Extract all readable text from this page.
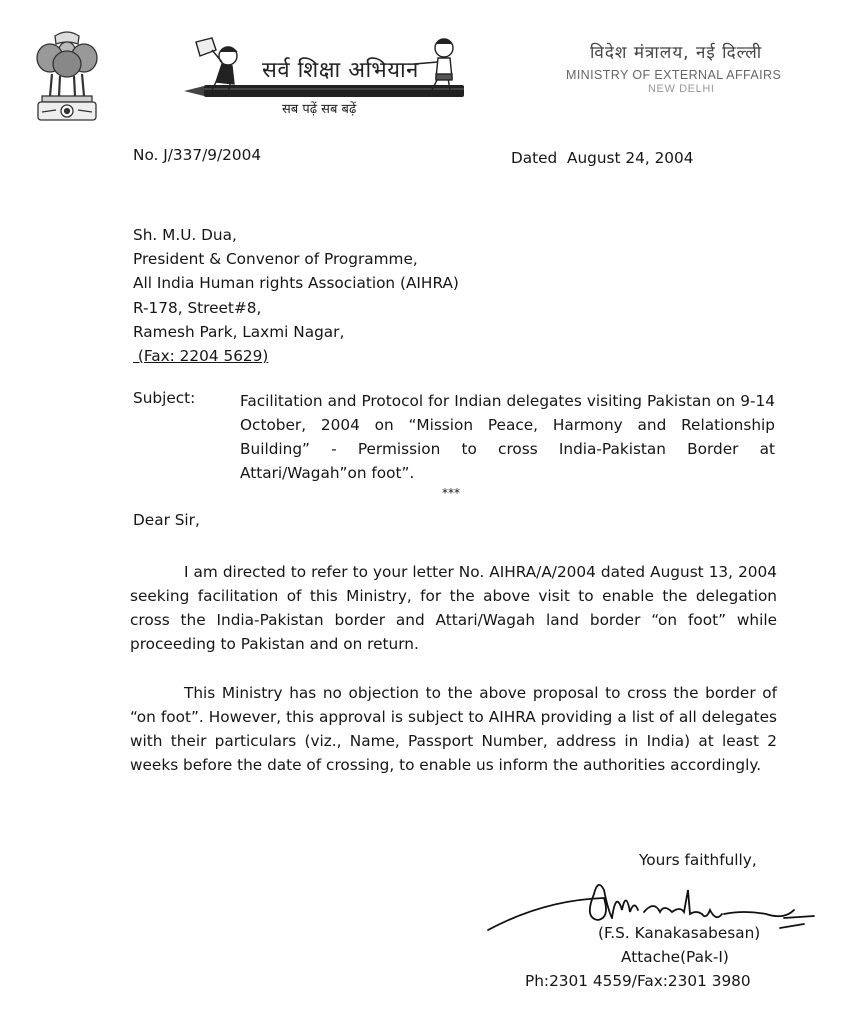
सर्व शिक्षा अभियान
सब पढ़ें सब बढ़ें
विदेश मंत्रालय, नई दिल्ली
MINISTRY OF EXTERNAL AFFAIRS
NEW DELHI
No. J/337/9/2004	Dated  August 24, 2004
Sh. M.U. Dua,
President & Convenor of Programme,
All India Human rights Association (AIHRA)
R-178, Street#8,
Ramesh Park, Laxmi Nagar,
(Fax: 2204 5629)
Subject:	Facilitation and Protocol for Indian delegates visiting Pakistan on 9-14 October, 2004 on “Mission Peace, Harmony and Relationship Building” - Permission to cross India-Pakistan Border at Attari/Wagah”on foot”.
***
Dear Sir,
I am directed to refer to your letter No. AIHRA/A/2004 dated August 13, 2004 seeking facilitation of this Ministry, for the above visit to enable the delegation cross the India-Pakistan border and Attari/Wagah land border “on foot” while proceeding to Pakistan and on return.
This Ministry has no objection to the above proposal to cross the border of “on foot”. However, this approval is subject to AIHRA providing a list of all delegates with their particulars (viz., Name, Passport Number, address in India) at least 2 weeks before the date of crossing, to enable us inform the authorities accordingly.
Yours faithfully,
(F.S. Kanakasabesan)
Attache(Pak-I)
Ph:2301 4559/Fax:2301 3980
